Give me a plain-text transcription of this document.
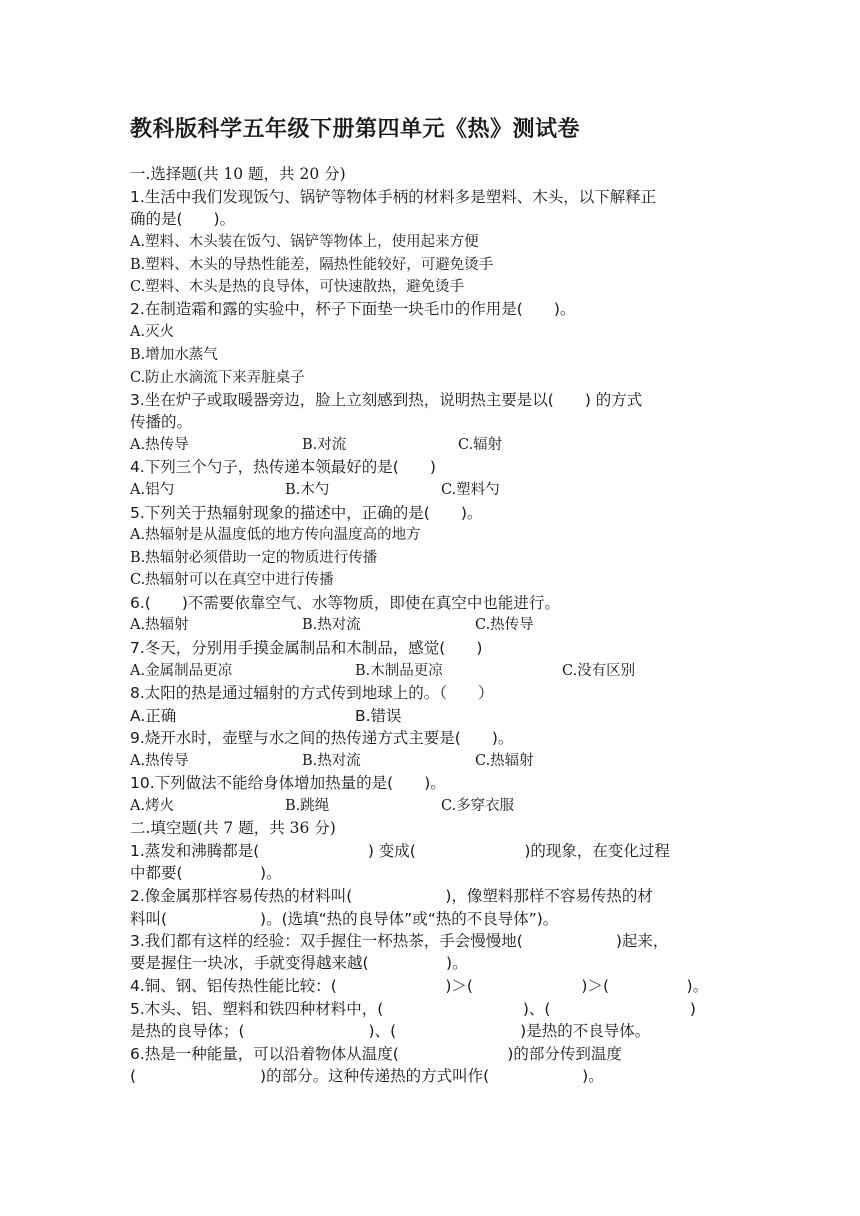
教科版科学五年级下册第四单元《热》测试卷
一.选择题(共 10 题，共 20 分)
1.生活中我们发现饭勺、锅铲等物体手柄的材料多是塑料、木头，以下解释正
确的是(　　)。
A.塑料、木头装在饭勺、锅铲等物体上，使用起来方便
B.塑料、木头的导热性能差，隔热性能较好，可避免烫手
C.塑料、木头是热的良导体，可快速散热，避免烫手
2.在制造霜和露的实验中，杯子下面垫一块毛巾的作用是(　　)。
A.灭火
B.增加水蒸气
C.防止水滴流下来弄脏桌子
3.坐在炉子或取暖器旁边，脸上立刻感到热，说明热主要是以(　　) 的方式
传播的。
A.热传导	B.对流	C.辐射
4.下列三个勺子，热传递本领最好的是(　　)
A.铝勺	B.木勺	C.塑料勺
5.下列关于热辐射现象的描述中，正确的是(　　)。
A.热辐射是从温度低的地方传向温度高的地方
B.热辐射必须借助一定的物质进行传播
C.热辐射可以在真空中进行传播
6.(　　)不需要依靠空气、水等物质，即使在真空中也能进行。
A.热辐射	B.热对流	C.热传导
7.冬天，分别用手摸金属制品和木制品，感觉(　　)
A.金属制品更凉	B.木制品更凉	C.没有区别
8.太阳的热是通过辐射的方式传到地球上的。（　　）
A.正确	B.错误
9.烧开水时，壶壁与水之间的热传递方式主要是(　　)。
A.热传导	B.热对流	C.热辐射
10.下列做法不能给身体增加热量的是(　　)。
A.烤火	B.跳绳	C.多穿衣服
二.填空题(共 7 题，共 36 分)
1.蒸发和沸腾都是(　　　　　　　) 变成(　　　　　　　)的现象，在变化过程
中都要(　　　　　)。
2.像金属那样容易传热的材料叫(　　　　　　)，像塑料那样不容易传热的材
料叫(　　　　　　)。(选填“热的良导体”或“热的不良导体”)。
3.我们都有这样的经验：双手握住一杯热茶，手会慢慢地(　　　　　　)起来，
要是握住一块冰，手就变得越来越(　　　　　)。
4.铜、钢、铝传热性能比较：(　　　　　　　)＞(　　　　　　　)＞(　　　　　)。
5.木头、铝、塑料和铁四种材料中，(　　　　　　　　　)、(　　　　　　　　　)
是热的良导体；(　　　　　　　　)、(　　　　　　　　)是热的不良导体。
6.热是一种能量，可以沿着物体从温度(　　　　　　　)的部分传到温度
(　　　　　　　　)的部分。这种传递热的方式叫作(　　　　　　)。
